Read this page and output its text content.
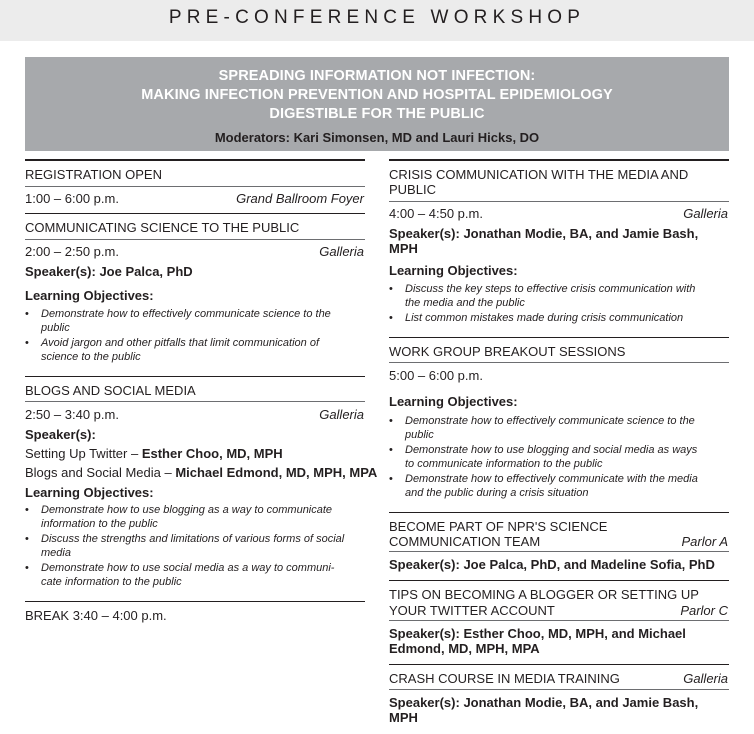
PRE-CONFERENCE WORKSHOP
SPREADING INFORMATION NOT INFECTION:
MAKING INFECTION PREVENTION AND HOSPITAL EPIDEMIOLOGY
DIGESTIBLE FOR THE PUBLIC
Moderators: Kari Simonsen, MD and Lauri Hicks, DO
REGISTRATION OPEN
1:00 – 6:00 p.m.	Grand Ballroom Foyer
COMMUNICATING SCIENCE TO THE PUBLIC
2:00 – 2:50 p.m.	Galleria
Speaker(s): Joe Palca, PhD
Learning Objectives:
• Demonstrate how to effectively communicate science to the
public
• Avoid jargon and other pitfalls that limit communication of
science to the public
BLOGS AND SOCIAL MEDIA
2:50 – 3:40 p.m.	Galleria
Speaker(s):
Setting Up Twitter – Esther Choo, MD, MPH
Blogs and Social Media – Michael Edmond, MD, MPH, MPA
Learning Objectives:
• Demonstrate how to use blogging as a way to communicate
information to the public
• Discuss the strengths and limitations of various forms of social
media
• Demonstrate how to use social media as a way to communi-
cate information to the public
BREAK 3:40 – 4:00 p.m.
CRISIS COMMUNICATION WITH THE MEDIA AND
PUBLIC
4:00 – 4:50 p.m.	Galleria
Speaker(s): Jonathan Modie, BA, and Jamie Bash,
MPH
Learning Objectives:
• Discuss the key steps to effective crisis communication with
the media and the public
• List common mistakes made during crisis communication
WORK GROUP BREAKOUT SESSIONS
5:00 – 6:00 p.m.
Learning Objectives:
• Demonstrate how to effectively communicate science to the
public
• Demonstrate how to use blogging and social media as ways
to communicate information to the public
• Demonstrate how to effectively communicate with the media
and the public during a crisis situation
BECOME PART OF NPR'S SCIENCE
COMMUNICATION TEAM	Parlor A
Speaker(s): Joe Palca, PhD, and Madeline Sofia, PhD
TIPS ON BECOMING A BLOGGER OR SETTING UP
YOUR TWITTER ACCOUNT	Parlor C
Speaker(s): Esther Choo, MD, MPH, and Michael
Edmond, MD, MPH, MPA
CRASH COURSE IN MEDIA TRAINING	Galleria
Speaker(s): Jonathan Modie, BA, and Jamie Bash,
MPH
